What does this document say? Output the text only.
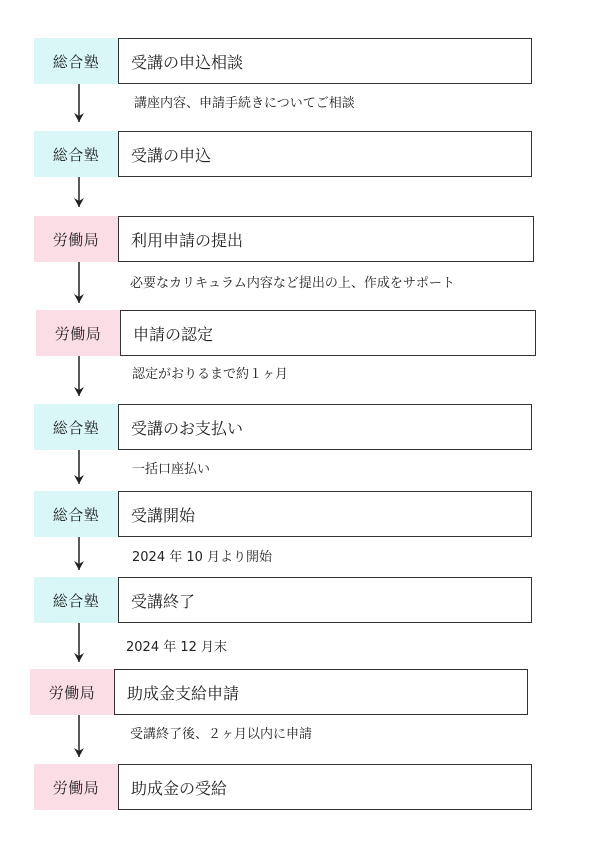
総合塾	受講の申込相談
講座内容、申請手続きについてご相談
総合塾	受講の申込
労働局	利用申請の提出
必要なカリキュラム内容など提出の上、作成をサポート
労働局	申請の認定
認定がおりるまで約１ヶ月
総合塾	受講のお支払い
一括口座払い
総合塾	受講開始
2024 年 10 月より開始
総合塾	受講終了
2024 年 12 月末
労働局	助成金支給申請
受講終了後、２ヶ月以内に申請
労働局	助成金の受給
